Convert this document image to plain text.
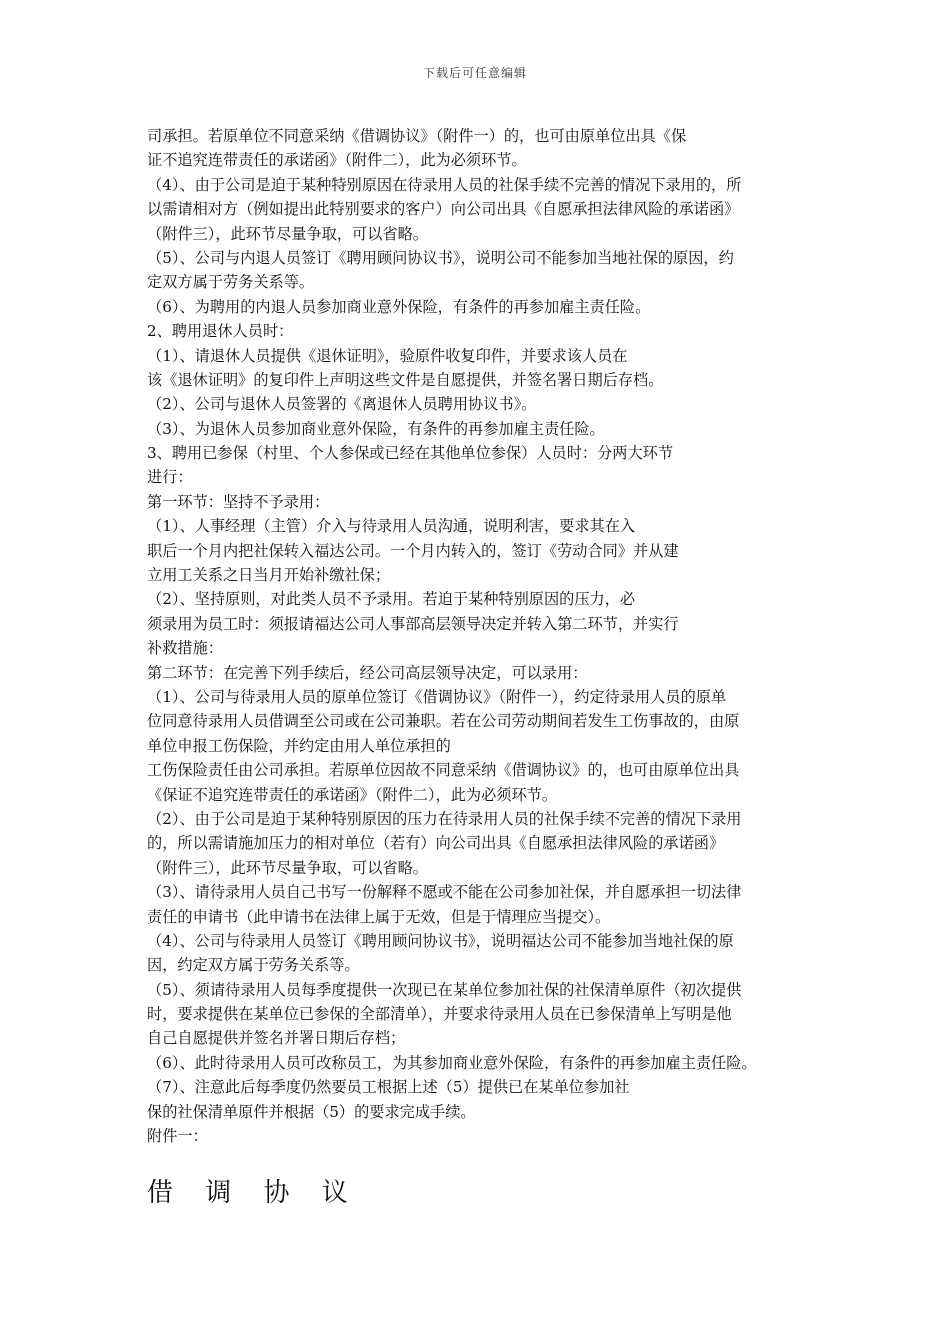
下载后可任意编辑
司承担。若原单位不同意采纳《借调协议》（附件一）的，也可由原单位出具《保
证不追究连带责任的承诺函》（附件二），此为必须环节。
（4）、由于公司是迫于某种特别原因在待录用人员的社保手续不完善的情况下录用的，所
以需请相对方（例如提出此特别要求的客户）向公司出具《自愿承担法律风险的承诺函》
（附件三），此环节尽量争取，可以省略。
（5）、公司与内退人员签订《聘用顾问协议书》，说明公司不能参加当地社保的原因，约
定双方属于劳务关系等。
（6）、为聘用的内退人员参加商业意外保险，有条件的再参加雇主责任险。
2、聘用退休人员时：
（1）、请退休人员提供《退休证明》，验原件收复印件，并要求该人员在
该《退休证明》的复印件上声明这些文件是自愿提供，并签名署日期后存档。
（2）、公司与退休人员签署的《离退休人员聘用协议书》。
（3）、为退休人员参加商业意外保险，有条件的再参加雇主责任险。
3、聘用已参保（村里、个人参保或已经在其他单位参保）人员时：分两大环节
进行：
第一环节：坚持不予录用：
（1）、人事经理（主管）介入与待录用人员沟通，说明利害，要求其在入
职后一个月内把社保转入福达公司。一个月内转入的，签订《劳动合同》并从建
立用工关系之日当月开始补缴社保；
（2）、坚持原则，对此类人员不予录用。若迫于某种特别原因的压力，必
须录用为员工时：须报请福达公司人事部高层领导决定并转入第二环节，并实行
补救措施：
第二环节：在完善下列手续后，经公司高层领导决定，可以录用：
（1）、公司与待录用人员的原单位签订《借调协议》（附件一），约定待录用人员的原单
位同意待录用人员借调至公司或在公司兼职。若在公司劳动期间若发生工伤事故的，由原
单位申报工伤保险，并约定由用人单位承担的
工伤保险责任由公司承担。若原单位因故不同意采纳《借调协议》的，也可由原单位出具
《保证不追究连带责任的承诺函》（附件二），此为必须环节。
（2）、由于公司是迫于某种特别原因的压力在待录用人员的社保手续不完善的情况下录用
的，所以需请施加压力的相对单位（若有）向公司出具《自愿承担法律风险的承诺函》
（附件三），此环节尽量争取，可以省略。
（3）、请待录用人员自己书写一份解释不愿或不能在公司参加社保，并自愿承担一切法律
责任的申请书（此申请书在法律上属于无效，但是于情理应当提交）。
（4）、公司与待录用人员签订《聘用顾问协议书》，说明福达公司不能参加当地社保的原
因，约定双方属于劳务关系等。
（5）、须请待录用人员每季度提供一次现已在某单位参加社保的社保清单原件（初次提供
时，要求提供在某单位已参保的全部清单），并要求待录用人员在已参保清单上写明是他
自己自愿提供并签名并署日期后存档；
（6）、此时待录用人员可改称员工，为其参加商业意外保险，有条件的再参加雇主责任险。
（7）、注意此后每季度仍然要员工根据上述（5）提供已在某单位参加社
保的社保清单原件并根据（5）的要求完成手续。
附件一：
借 调 协 议
